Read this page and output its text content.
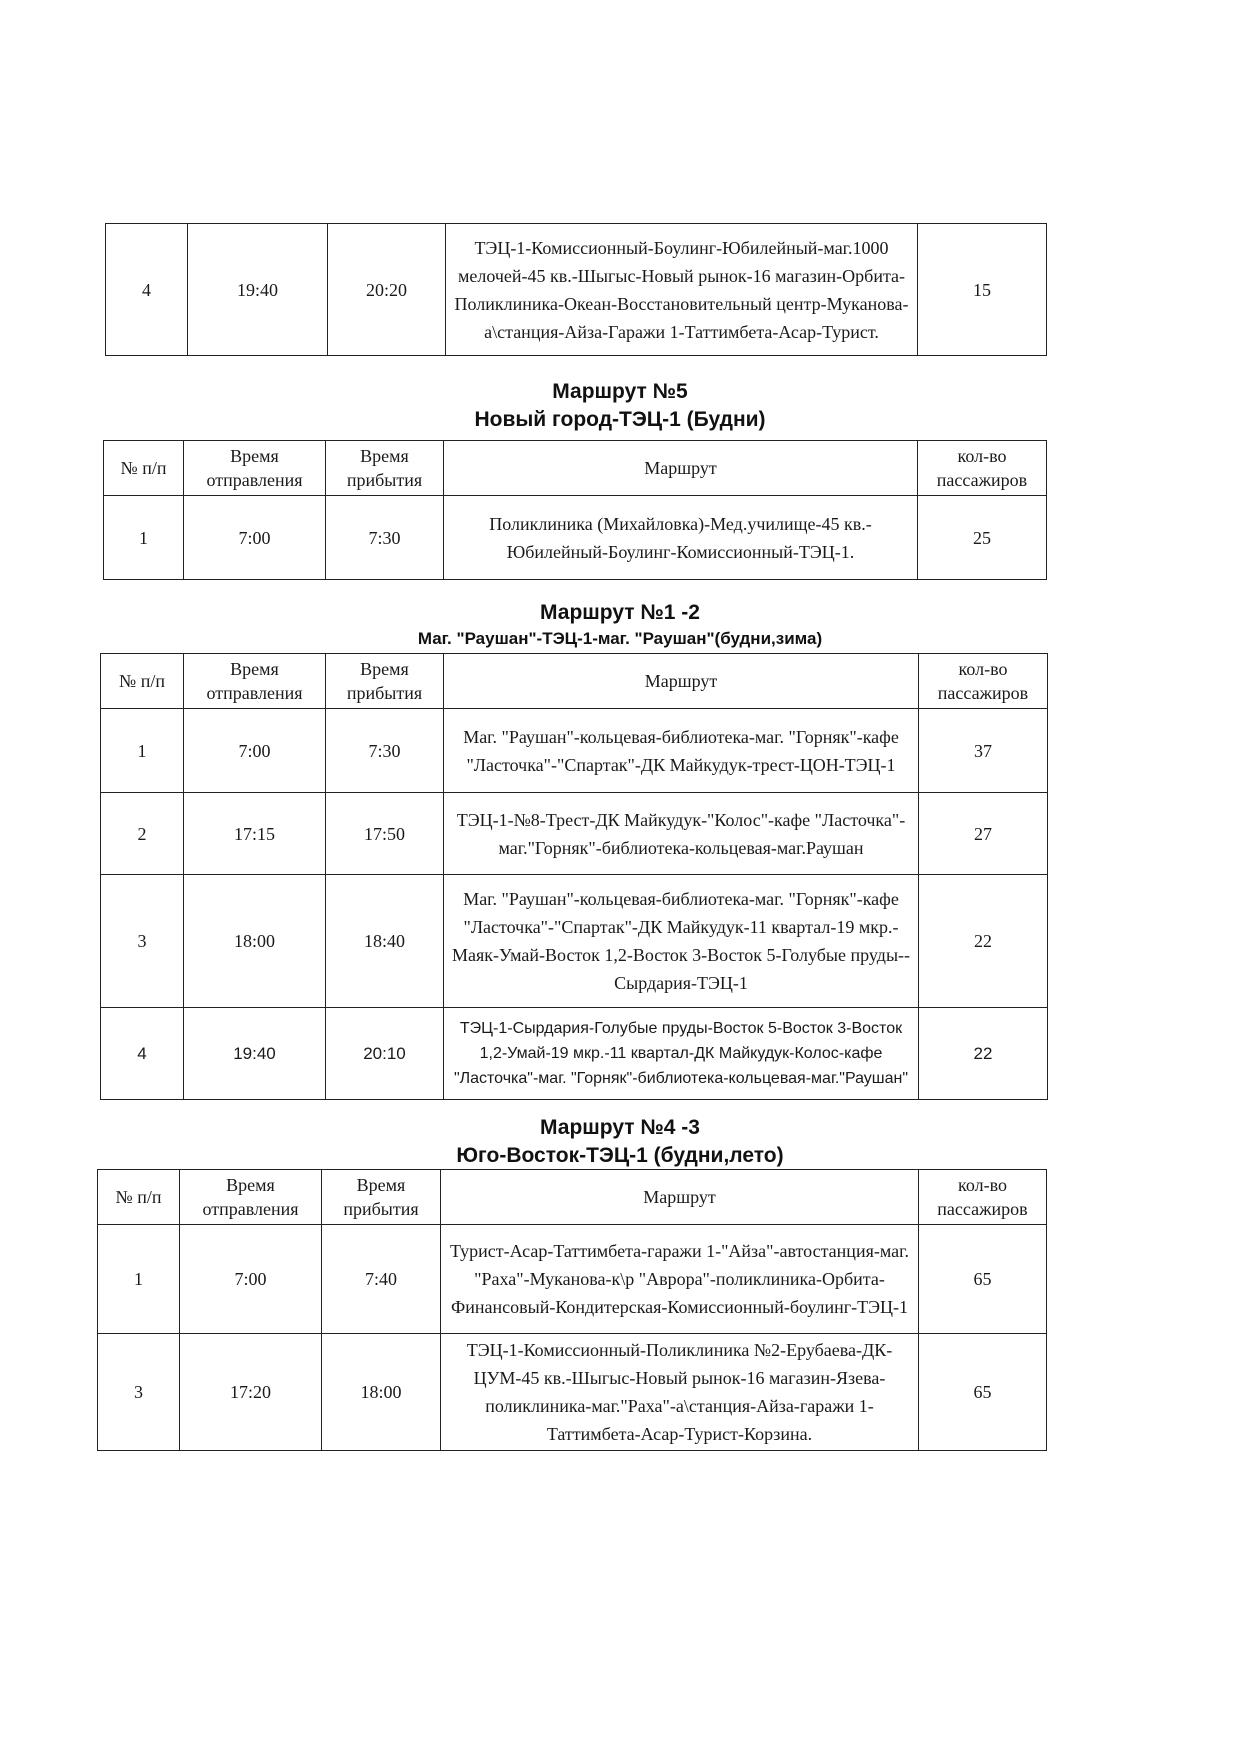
4	19:40	20:20	ТЭЦ-1-Комиссионный-Боулинг-Юбилейный-маг.1000 мелочей-45 кв.-Шыгыс-Новый рынок-16 магазин-Орбита-Поликлиника-Океан-Восстановительный центр-Муканова-а\станция-Айза-Гаражи 1-Таттимбета-Асар-Турист.	15
Маршрут №5
Новый город-ТЭЦ-1 (Будни)
№ п/п	Время отправления	Время прибытия	Маршрут	кол-во пассажиров
1	7:00	7:30	Поликлиника (Михайловка)-Мед.училище-45 кв.-Юбилейный-Боулинг-Комиссионный-ТЭЦ-1.	25
Маршрут №1 -2
Маг. "Раушан"-ТЭЦ-1-маг. "Раушан"(будни,зима)
№ п/п	Время отправления	Время прибытия	Маршрут	кол-во пассажиров
1	7:00	7:30	Маг. "Раушан"-кольцевая-библиотека-маг. "Горняк"-кафе "Ласточка"-"Спартак"-ДК Майкудук-трест-ЦОН-ТЭЦ-1	37
2	17:15	17:50	ТЭЦ-1-№8-Трест-ДК Майкудук-"Колос"-кафе "Ласточка"-маг."Горняк"-библиотека-кольцевая-маг.Раушан	27
3	18:00	18:40	Маг. "Раушан"-кольцевая-библиотека-маг. "Горняк"-кафе "Ласточка"-"Спартак"-ДК Майкудук-11 квартал-19 мкр.-Маяк-Умай-Восток 1,2-Восток 3-Восток 5-Голубые пруды--Сырдария-ТЭЦ-1	22
4	19:40	20:10	ТЭЦ-1-Сырдария-Голубые пруды-Восток 5-Восток 3-Восток 1,2-Умай-19 мкр.-11 квартал-ДК Майкудук-Колос-кафе "Ласточка"-маг. "Горняк"-библиотека-кольцевая-маг."Раушан"	22
Маршрут №4 -3
Юго-Восток-ТЭЦ-1 (будни,лето)
№ п/п	Время отправления	Время прибытия	Маршрут	кол-во пассажиров
1	7:00	7:40	Турист-Асар-Таттимбета-гаражи 1-"Айза"-автостанция-маг. "Раха"-Муканова-к\р "Аврора"-поликлиника-Орбита-Финансовый-Кондитерская-Комиссионный-боулинг-ТЭЦ-1	65
3	17:20	18:00	ТЭЦ-1-Комиссионный-Поликлиника №2-Ерубаева-ДК-ЦУМ-45 кв.-Шыгыс-Новый рынок-16 магазин-Язева-поликлиника-маг."Раха"-а\станция-Айза-гаражи 1-Таттимбета-Асар-Турист-Корзина.	65
